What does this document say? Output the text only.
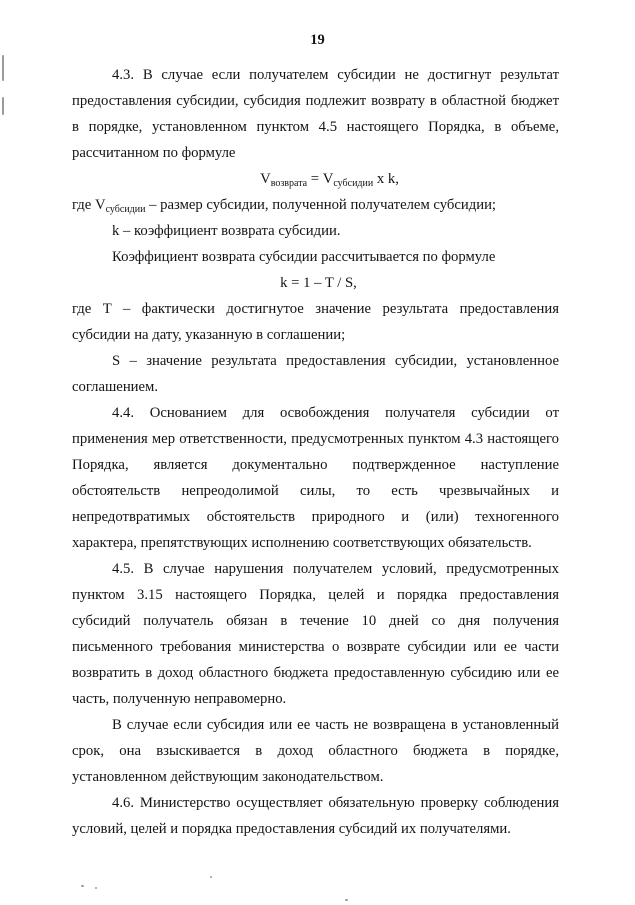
19

4.3. В случае если получателем субсидии не достигнут результат предоставления субсидии, субсидия подлежит возврату в областной бюджет в порядке, установленном пунктом 4.5 настоящего Порядка, в объеме, рассчитанном по формуле

$V_{возврата} = V_{субсидии}$ x k,

где $V_{субсидии}$ – размер субсидии, полученной получателем субсидии;

k – коэффициент возврата субсидии.

Коэффициент возврата субсидии рассчитывается по формуле

k = 1 – T / S,

где T – фактически достигнутое значение результата предоставления субсидии на дату, указанную в соглашении;

S – значение результата предоставления субсидии, установленное соглашением.

4.4. Основанием для освобождения получателя субсидии от применения мер ответственности, предусмотренных пунктом 4.3 настоящего Порядка, является документально подтвержденное наступление обстоятельств непреодолимой силы, то есть чрезвычайных и непредотвратимых обстоятельств природного и (или) техногенного характера, препятствующих исполнению соответствующих обязательств.

4.5. В случае нарушения получателем условий, предусмотренных пунктом 3.15 настоящего Порядка, целей и порядка предоставления субсидий получатель обязан в течение 10 дней со дня получения письменного требования министерства о возврате субсидии или ее части возвратить в доход областного бюджета предоставленную субсидию или ее часть, полученную неправомерно.

В случае если субсидия или ее часть не возвращена в установленный срок, она взыскивается в доход областного бюджета в порядке, установленном действующим законодательством.

4.6. Министерство осуществляет обязательную проверку соблюдения условий, целей и порядка предоставления субсидий их получателями.
